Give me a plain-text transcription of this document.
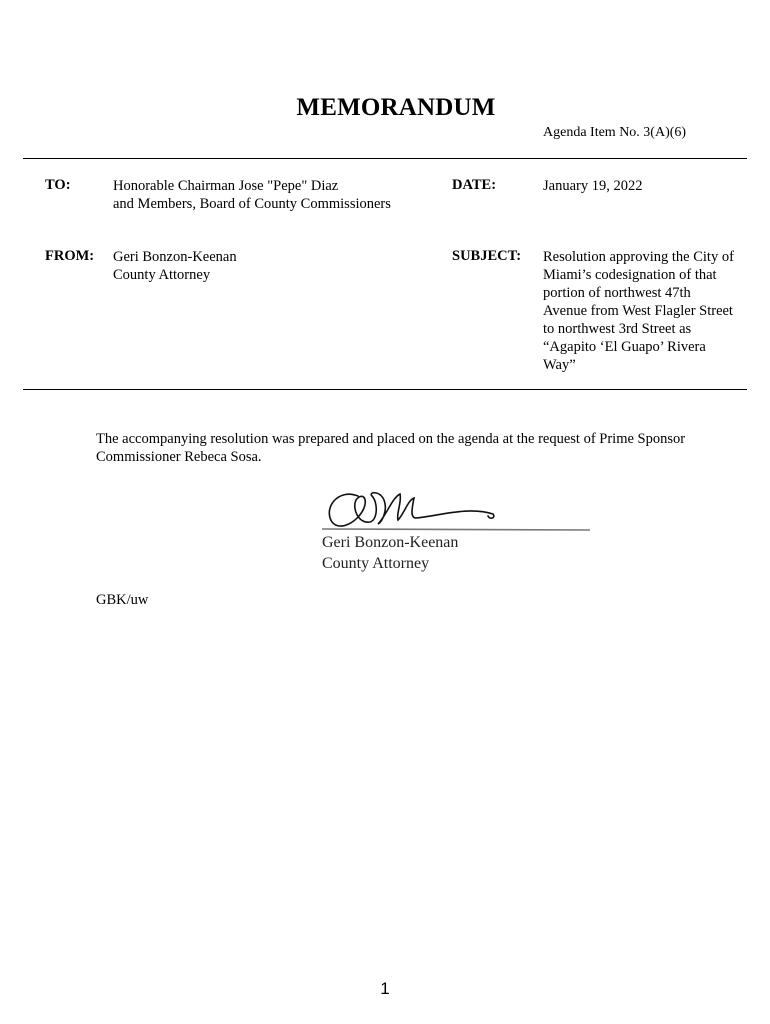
MEMORANDUM
Agenda Item No. 3(A)(6)
TO:	Honorable Chairman Jose "Pepe" Diaz
and Members, Board of County Commissioners
DATE:	January 19, 2022
FROM: Geri Bonzon-Keenan
County Attorney
SUBJECT: Resolution approving the City of
Miami’s codesignation of that
portion of northwest 47th
Avenue from West Flagler Street
to northwest 3rd Street as
“Agapito ‘El Guapo’ Rivera
Way”
The accompanying resolution was prepared and placed on the agenda at the request of Prime Sponsor
Commissioner Rebeca Sosa.
Geri Bonzon-Keenan
County Attorney
GBK/uw
1
